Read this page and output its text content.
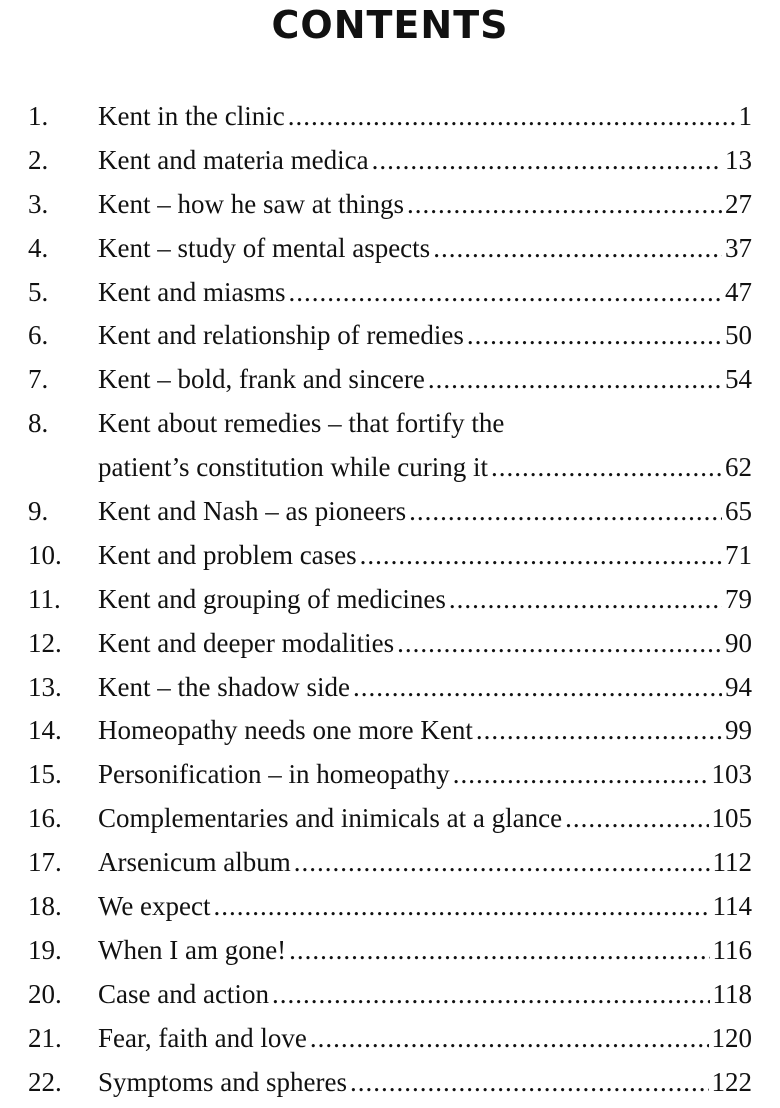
CONTENTS
1.	Kent in the clinic .....	1
2.	Kent and materia medica .....	13
3.	Kent – how he saw at things .....	27
4.	Kent – study of mental aspects .....	37
5.	Kent and miasms .....	47
6.	Kent and relationship of remedies .....	50
7.	Kent – bold, frank and sincere .....	54
8.	Kent about remedies – that fortify the
patient’s constitution while curing it .....	62
9.	Kent and Nash – as pioneers .....	65
10.	Kent and problem cases .....	71
11.	Kent and grouping of medicines .....	79
12.	Kent and deeper modalities .....	90
13.	Kent – the shadow side .....	94
14.	Homeopathy needs one more Kent .....	99
15.	Personification – in homeopathy .....	103
16.	Complementaries and inimicals at a glance .....	105
17.	Arsenicum album .....	112
18.	We expect .....	114
19.	When I am gone! .....	116
20.	Case and action .....	118
21.	Fear, faith and love .....	120
22.	Symptoms and spheres .....	122
